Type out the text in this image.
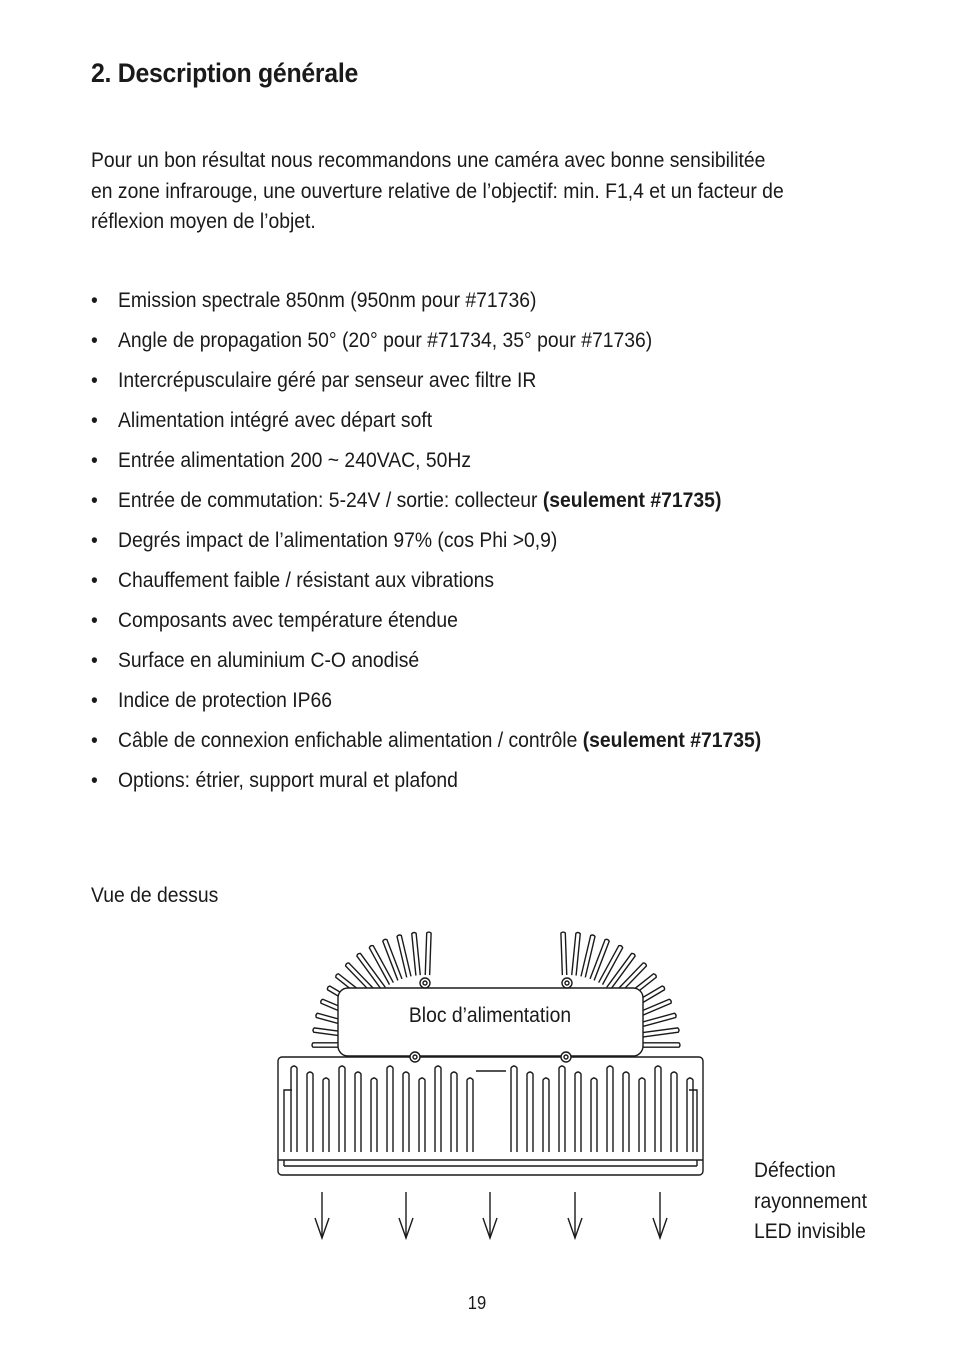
2. Description générale

Pour un bon résultat nous recommandons une caméra avec bonne sensibilitée
en zone infrarouge, une ouverture relative de l’objectif: min. F1,4 et un facteur de
réflexion moyen de l’objet.

• Emission spectrale 850nm (950nm pour #71736)
• Angle de propagation 50° (20° pour #71734, 35° pour #71736)
• Intercrépusculaire géré par senseur avec filtre IR
• Alimentation intégré avec départ soft
• Entrée alimentation 200 ~ 240VAC, 50Hz
• Entrée de commutation: 5-24V / sortie: collecteur (seulement #71735)
• Degrés impact de l’alimentation 97% (cos Phi >0,9)
• Chauffement faible / résistant aux vibrations
• Composants avec température étendue
• Surface en aluminium C-O anodisé
• Indice de protection IP66
• Câble de connexion enfichable alimentation / contrôle (seulement #71735)
• Options: étrier, support mural et plafond

Vue de dessus

Bloc d’alimentation

Défection
rayonnement
LED invisible

19
